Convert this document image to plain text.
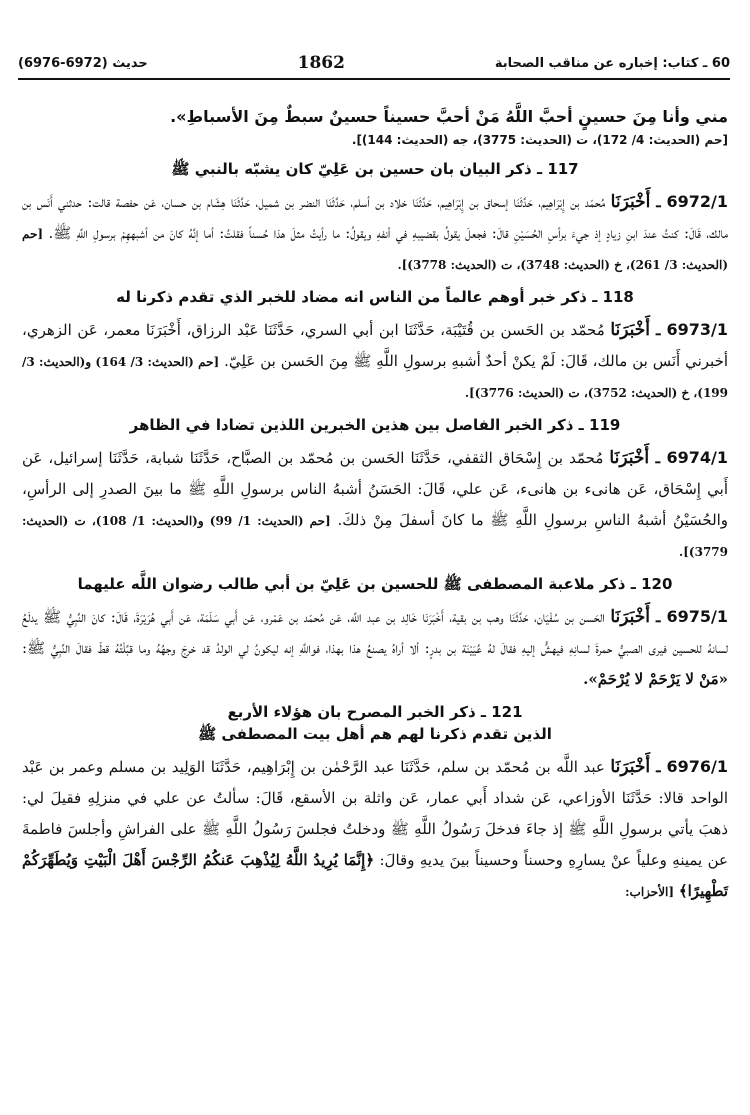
60 ـ كتاب: إخباره عن مناقب الصحابة
1862
حديث (6972-6976)

مني وأنا مِنَ حسينٍ أحبَّ اللَّهُ مَنْ أحبَّ حسيناً حسينٌ سبطٌ مِنَ الأسباطِ».

[حم (الحديث: 4/ 172)، ت (الحديث: 3775)، جه (الحديث: 144)].

117 ـ ذكر البيان بان حسين بن عَلِيّ كان يشبّه بالنبي ﷺ

6972/1 ـ أَخْبَرَنَا مُحمّد بن إِبْرَاهِيم، حَدَّثَنَا إسحاق بن إِبْرَاهِيم، حَدَّثَنَا خلاد بن أسلم، حَدَّثَنَا النضر بن شميل، حَدَّثَنَا هِشَام بن حسان، عَن حفصة قالت: حدثني أَنَس بن مالك، قَالَ: كنتُ عندَ ابنِ زيادٍ إذ جيءَ برأسِ الحُسَيْنِ قالَ: فجعلَ يقولُ بقضيبهِ في أنفهِ ويقولُ: ما رأيتُ مثلَ هذا حُسناً فقلتُ: أما إنَّهُ كانَ من أشبههِمْ برسولِ اللَّهِ ﷺ. [حم (الحديث: 3/ 261)، خ (الحديث: 3748)، ت (الحديث: 3778)].

118 ـ ذكر خبر أوهم عالماً من الناس انه مضاد للخبر الذي تقدم ذكرنا له

6973/1 ـ أَخْبَرَنَا مُحمّد بن الحَسن بن قُتَيْبَة، حَدَّثَنَا ابن أبي السري، حَدَّثَنَا عَبْد الرزاق، أَخْبَرَنَا معمر، عَن الزهري، أخبرني أَنَس بن مالك، قَالَ: لَمْ يكنْ أحدٌ أشبهِ برسولِ اللَّهِ ﷺ مِنَ الحَسن بن عَلِيّ. [حم (الحديث: 3/ 164) و(الحديث: 3/ 199)، خ (الحديث: 3752)، ت (الحديث: 3776)].

119 ـ ذكر الخبر الفاصل بين هذين الخبرين اللذين تضادا في الظاهر

6974/1 ـ أَخْبَرَنَا مُحمّد بن إِسْحَاق الثقفي، حَدَّثَنَا الحَسن بن مُحمّد بن الصبَّاح، حَدَّثَنَا شبابة، حَدَّثَنَا إسرائيل، عَن أَبي إِسْحَاق، عَن هانىء بن هانىء، عَن علي، قَالَ: الحَسَنُ أشبهُ الناس برسولِ اللَّهِ ﷺ ما بينَ الصدرِ إلى الرأسِ، والحُسَيْنُ أشبهُ الناسِ برسولِ اللَّهِ ﷺ ما كانَ أسفلَ مِنْ ذلكَ. [حم (الحديث: 1/ 99) و(الحديث: 1/ 108)، ت (الحديث: 3779)].

120 ـ ذكر ملاعبة المصطفى ﷺ للحسين بن عَلِيّ بن أبي طالب رضوان اللَّه عليهما

6975/1 ـ أَخْبَرَنَا الحَسن بن سُفْيَان، حَدَّثَنَا وهب بن بقية، أَخْبَرَنَا خَالِد بن عبد اللَّه، عَن مُحمّد بن عَمْرو، عَن أَبي سَلَمَة، عَن أَبي هُرَيْرَةَ، قَالَ: كانَ النَّبِيُّ ﷺ يدلَعُ لسانهُ للحسين فيرى الصبيُّ حمرةَ لسانِهِ فيهشُّ إليهِ فقالَ لهُ عُيَيْنَة بن بدرٍ: ألا أراهُ يصنعُ هذا بهذا، فواللَّهِ إنه ليكونُ لي الولدُ قد خرجَ وجهُهُ وما قبَّلْتُهُ قطّ فقالَ النَّبِيُّ ﷺ: «مَنْ لا يَرْحَمْ لا يُرْحَمْ».

121 ـ ذكر الخبر المصرح بان هؤلاء الأربع
الذين تقدم ذكرنا لهم هم أهل بيت المصطفى ﷺ

6976/1 ـ أَخْبَرَنَا عبد اللَّه بن مُحمّد بن سلم، حَدَّثَنَا عبد الرَّحْمٰن بن إِبْرَاهِيم، حَدَّثَنَا الوَلِيد بن مسلم وعمر بن عَبْد الواحد قالا: حَدَّثَنَا الأوزاعي، عَن شداد أَبي عمار، عَن واثلة بن الأسقع، قَالَ: سألتُ عن علي في منزلِهِ فقيلَ لي: ذهبَ يأتي برسولِ اللَّهِ ﷺ إذ جاءَ فدخلَ رَسُولُ اللَّهِ ﷺ ودخلتُ فجلسَ رَسُولُ اللَّهِ ﷺ على الفراشِ وأجلسَ فاطمةَ عن يمينهِ وعلياً عنْ يسارِهِ وحسناً وحسيناً بينَ يديهِ وقالَ: ﴿إِنَّمَا يُرِيدُ اللَّهُ لِيُذْهِبَ عَنكُمُ الرِّجْسَ أَهْلَ الْبَيْتِ وَيُطَهِّرَكُمْ تَطْهِيرًا﴾ [الأحزاب:
